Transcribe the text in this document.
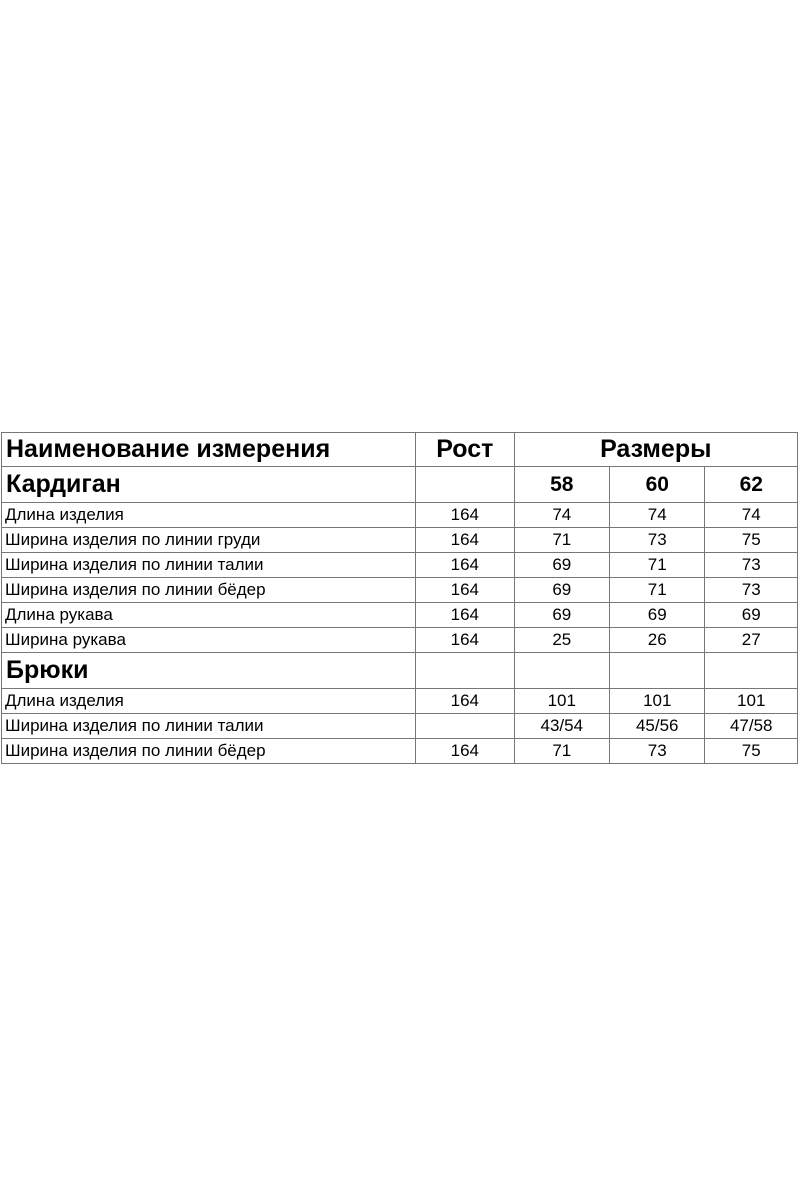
Наименование измерения	Рост	Размеры		
Кардиган		58	60	62
Длина изделия	164	74	74	74
Ширина изделия по линии груди	164	71	73	75
Ширина изделия по линии талии	164	69	71	73
Ширина изделия по линии бёдер	164	69	71	73
Длина рукава	164	69	69	69
Ширина рукава	164	25	26	27
Брюки				
Длина изделия	164	101	101	101
Ширина изделия по линии талии		43/54	45/56	47/58
Ширина изделия по линии бёдер	164	71	73	75
